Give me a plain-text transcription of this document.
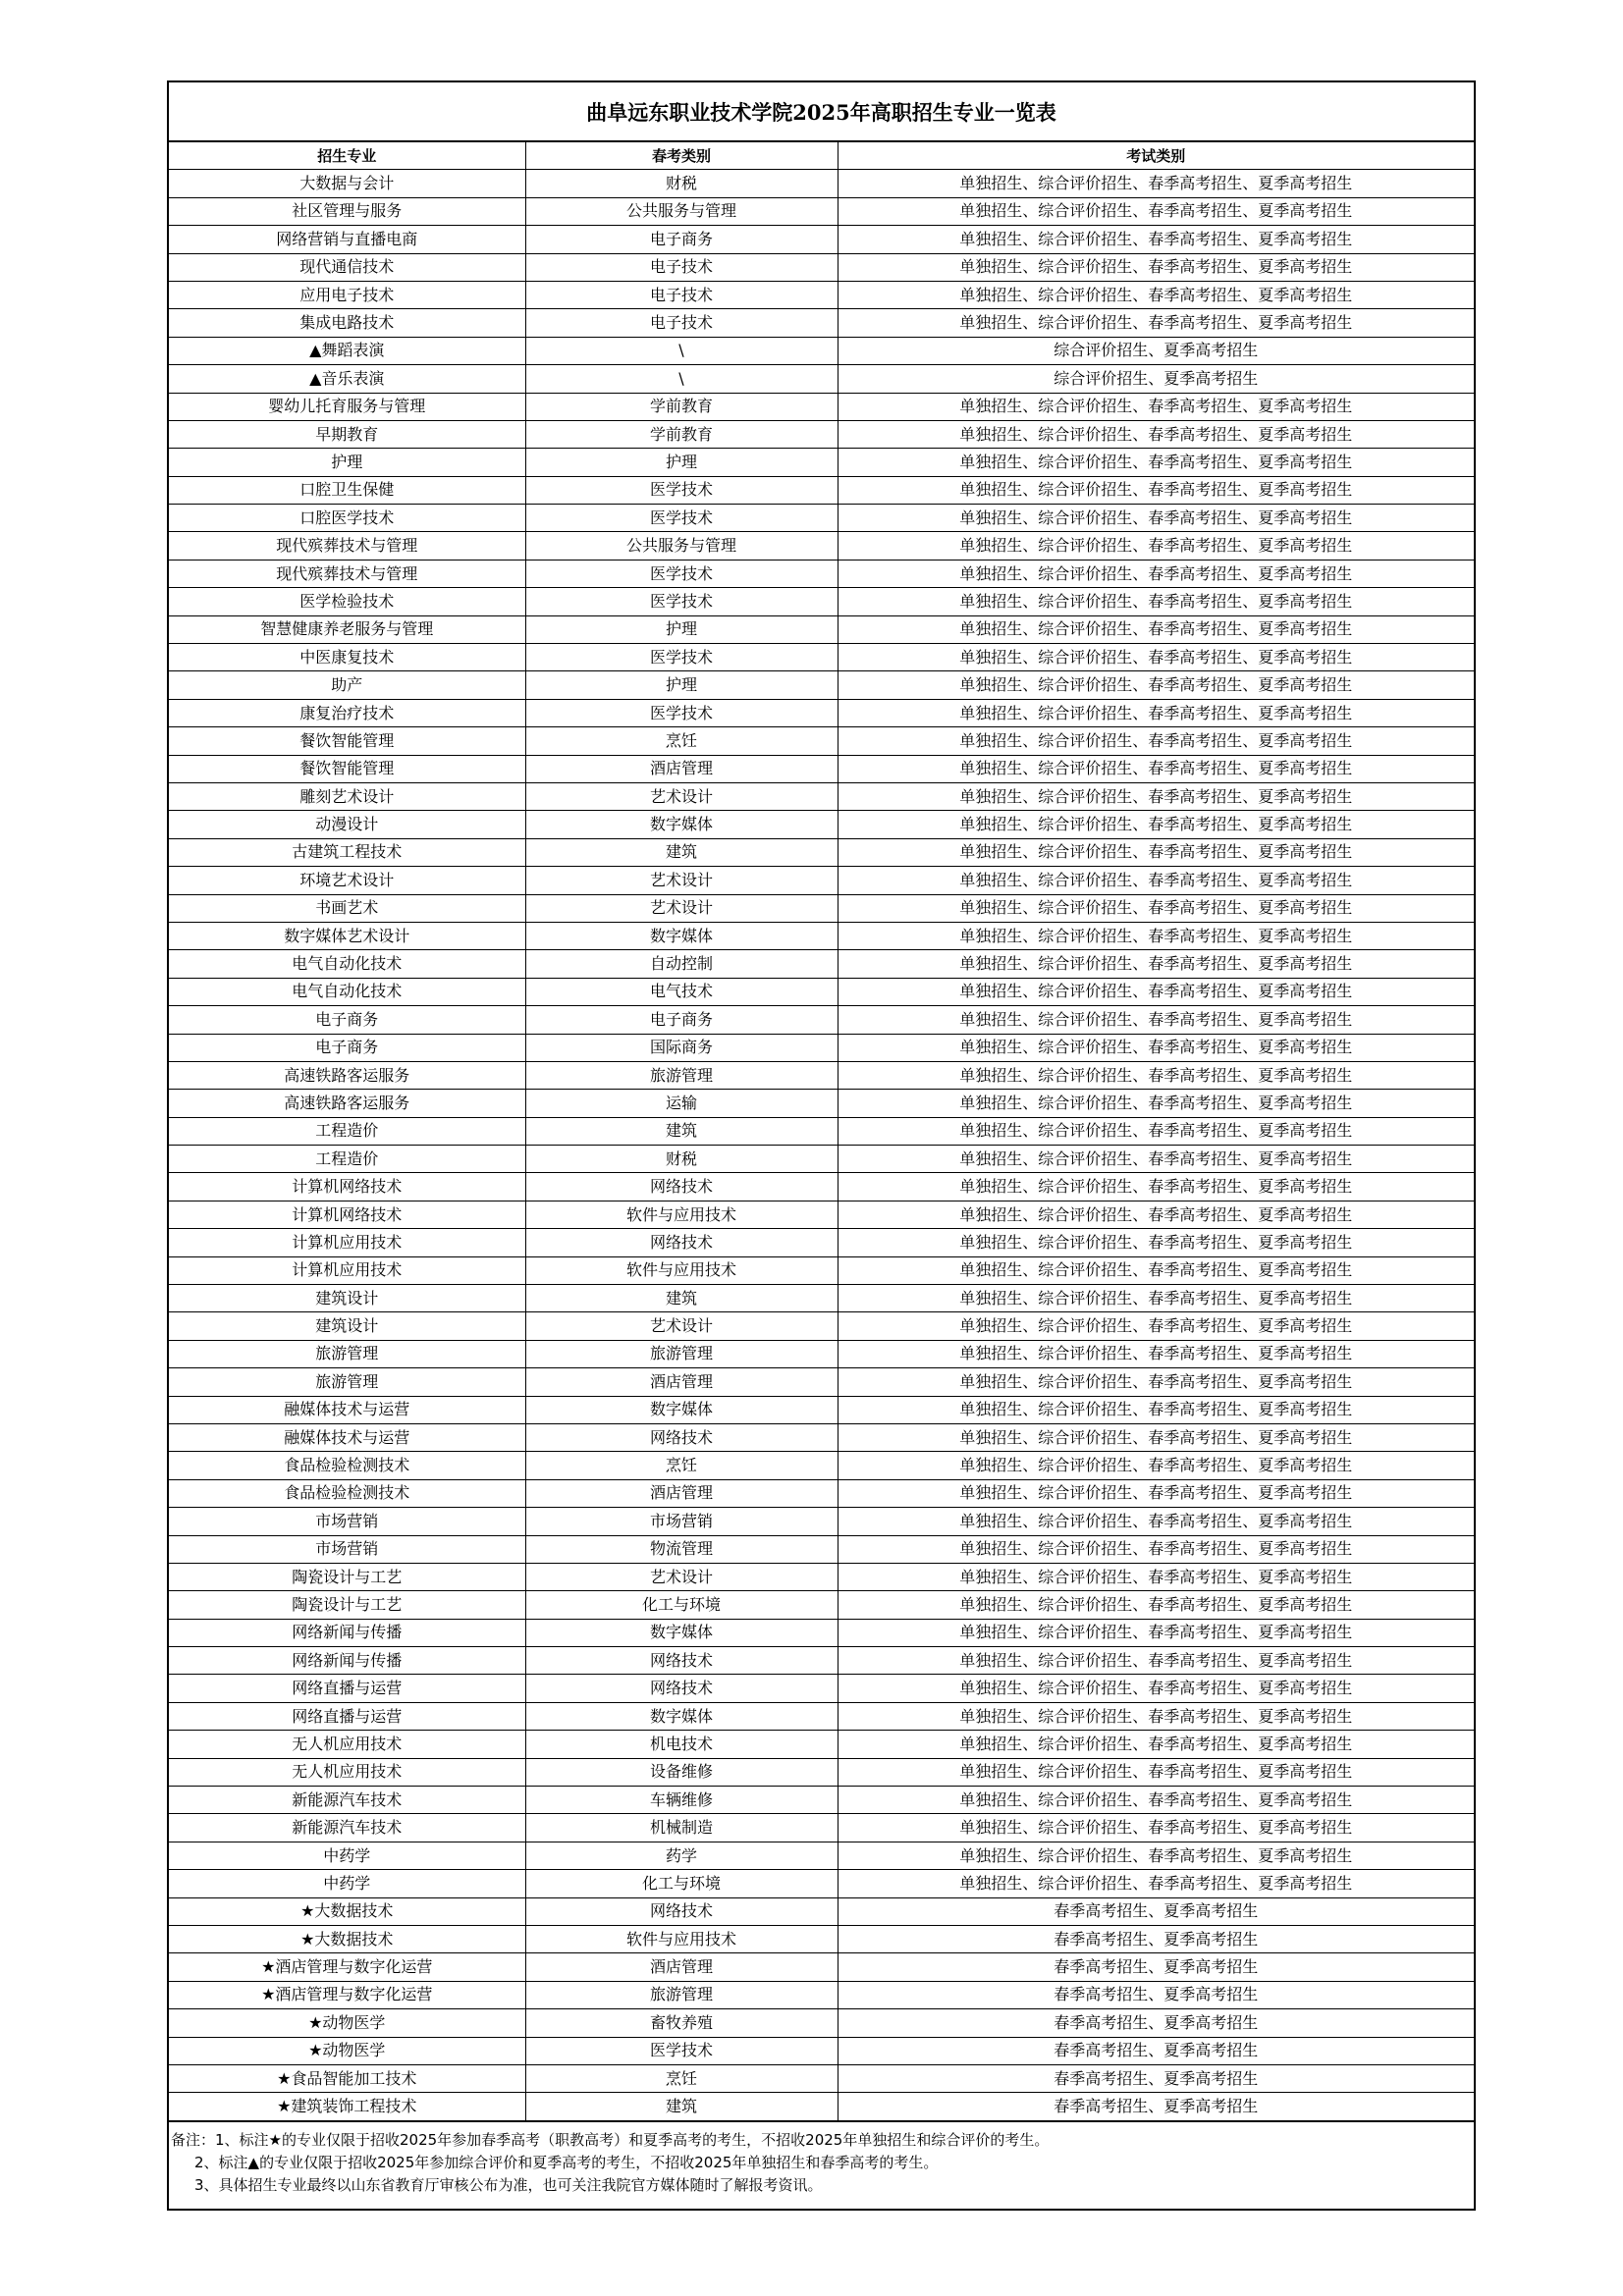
曲阜远东职业技术学院2025年高职招生专业一览表
招生专业	春考类别	考试类别
大数据与会计	财税	单独招生、综合评价招生、春季高考招生、夏季高考招生
社区管理与服务	公共服务与管理	单独招生、综合评价招生、春季高考招生、夏季高考招生
网络营销与直播电商	电子商务	单独招生、综合评价招生、春季高考招生、夏季高考招生
现代通信技术	电子技术	单独招生、综合评价招生、春季高考招生、夏季高考招生
应用电子技术	电子技术	单独招生、综合评价招生、春季高考招生、夏季高考招生
集成电路技术	电子技术	单独招生、综合评价招生、春季高考招生、夏季高考招生
▲舞蹈表演	\	综合评价招生、夏季高考招生
▲音乐表演	\	综合评价招生、夏季高考招生
婴幼儿托育服务与管理	学前教育	单独招生、综合评价招生、春季高考招生、夏季高考招生
早期教育	学前教育	单独招生、综合评价招生、春季高考招生、夏季高考招生
护理	护理	单独招生、综合评价招生、春季高考招生、夏季高考招生
口腔卫生保健	医学技术	单独招生、综合评价招生、春季高考招生、夏季高考招生
口腔医学技术	医学技术	单独招生、综合评价招生、春季高考招生、夏季高考招生
现代殡葬技术与管理	公共服务与管理	单独招生、综合评价招生、春季高考招生、夏季高考招生
现代殡葬技术与管理	医学技术	单独招生、综合评价招生、春季高考招生、夏季高考招生
医学检验技术	医学技术	单独招生、综合评价招生、春季高考招生、夏季高考招生
智慧健康养老服务与管理	护理	单独招生、综合评价招生、春季高考招生、夏季高考招生
中医康复技术	医学技术	单独招生、综合评价招生、春季高考招生、夏季高考招生
助产	护理	单独招生、综合评价招生、春季高考招生、夏季高考招生
康复治疗技术	医学技术	单独招生、综合评价招生、春季高考招生、夏季高考招生
餐饮智能管理	烹饪	单独招生、综合评价招生、春季高考招生、夏季高考招生
餐饮智能管理	酒店管理	单独招生、综合评价招生、春季高考招生、夏季高考招生
雕刻艺术设计	艺术设计	单独招生、综合评价招生、春季高考招生、夏季高考招生
动漫设计	数字媒体	单独招生、综合评价招生、春季高考招生、夏季高考招生
古建筑工程技术	建筑	单独招生、综合评价招生、春季高考招生、夏季高考招生
环境艺术设计	艺术设计	单独招生、综合评价招生、春季高考招生、夏季高考招生
书画艺术	艺术设计	单独招生、综合评价招生、春季高考招生、夏季高考招生
数字媒体艺术设计	数字媒体	单独招生、综合评价招生、春季高考招生、夏季高考招生
电气自动化技术	自动控制	单独招生、综合评价招生、春季高考招生、夏季高考招生
电气自动化技术	电气技术	单独招生、综合评价招生、春季高考招生、夏季高考招生
电子商务	电子商务	单独招生、综合评价招生、春季高考招生、夏季高考招生
电子商务	国际商务	单独招生、综合评价招生、春季高考招生、夏季高考招生
高速铁路客运服务	旅游管理	单独招生、综合评价招生、春季高考招生、夏季高考招生
高速铁路客运服务	运输	单独招生、综合评价招生、春季高考招生、夏季高考招生
工程造价	建筑	单独招生、综合评价招生、春季高考招生、夏季高考招生
工程造价	财税	单独招生、综合评价招生、春季高考招生、夏季高考招生
计算机网络技术	网络技术	单独招生、综合评价招生、春季高考招生、夏季高考招生
计算机网络技术	软件与应用技术	单独招生、综合评价招生、春季高考招生、夏季高考招生
计算机应用技术	网络技术	单独招生、综合评价招生、春季高考招生、夏季高考招生
计算机应用技术	软件与应用技术	单独招生、综合评价招生、春季高考招生、夏季高考招生
建筑设计	建筑	单独招生、综合评价招生、春季高考招生、夏季高考招生
建筑设计	艺术设计	单独招生、综合评价招生、春季高考招生、夏季高考招生
旅游管理	旅游管理	单独招生、综合评价招生、春季高考招生、夏季高考招生
旅游管理	酒店管理	单独招生、综合评价招生、春季高考招生、夏季高考招生
融媒体技术与运营	数字媒体	单独招生、综合评价招生、春季高考招生、夏季高考招生
融媒体技术与运营	网络技术	单独招生、综合评价招生、春季高考招生、夏季高考招生
食品检验检测技术	烹饪	单独招生、综合评价招生、春季高考招生、夏季高考招生
食品检验检测技术	酒店管理	单独招生、综合评价招生、春季高考招生、夏季高考招生
市场营销	市场营销	单独招生、综合评价招生、春季高考招生、夏季高考招生
市场营销	物流管理	单独招生、综合评价招生、春季高考招生、夏季高考招生
陶瓷设计与工艺	艺术设计	单独招生、综合评价招生、春季高考招生、夏季高考招生
陶瓷设计与工艺	化工与环境	单独招生、综合评价招生、春季高考招生、夏季高考招生
网络新闻与传播	数字媒体	单独招生、综合评价招生、春季高考招生、夏季高考招生
网络新闻与传播	网络技术	单独招生、综合评价招生、春季高考招生、夏季高考招生
网络直播与运营	网络技术	单独招生、综合评价招生、春季高考招生、夏季高考招生
网络直播与运营	数字媒体	单独招生、综合评价招生、春季高考招生、夏季高考招生
无人机应用技术	机电技术	单独招生、综合评价招生、春季高考招生、夏季高考招生
无人机应用技术	设备维修	单独招生、综合评价招生、春季高考招生、夏季高考招生
新能源汽车技术	车辆维修	单独招生、综合评价招生、春季高考招生、夏季高考招生
新能源汽车技术	机械制造	单独招生、综合评价招生、春季高考招生、夏季高考招生
中药学	药学	单独招生、综合评价招生、春季高考招生、夏季高考招生
中药学	化工与环境	单独招生、综合评价招生、春季高考招生、夏季高考招生
★大数据技术	网络技术	春季高考招生、夏季高考招生
★大数据技术	软件与应用技术	春季高考招生、夏季高考招生
★酒店管理与数字化运营	酒店管理	春季高考招生、夏季高考招生
★酒店管理与数字化运营	旅游管理	春季高考招生、夏季高考招生
★动物医学	畜牧养殖	春季高考招生、夏季高考招生
★动物医学	医学技术	春季高考招生、夏季高考招生
★食品智能加工技术	烹饪	春季高考招生、夏季高考招生
★建筑装饰工程技术	建筑	春季高考招生、夏季高考招生
备注：1、标注★的专业仅限于招收2025年参加春季高考（职教高考）和夏季高考的考生，不招收2025年单独招生和综合评价的考生。
2、标注▲的专业仅限于招收2025年参加综合评价和夏季高考的考生，不招收2025年单独招生和春季高考的考生。
3、具体招生专业最终以山东省教育厅审核公布为准，也可关注我院官方媒体随时了解报考资讯。
